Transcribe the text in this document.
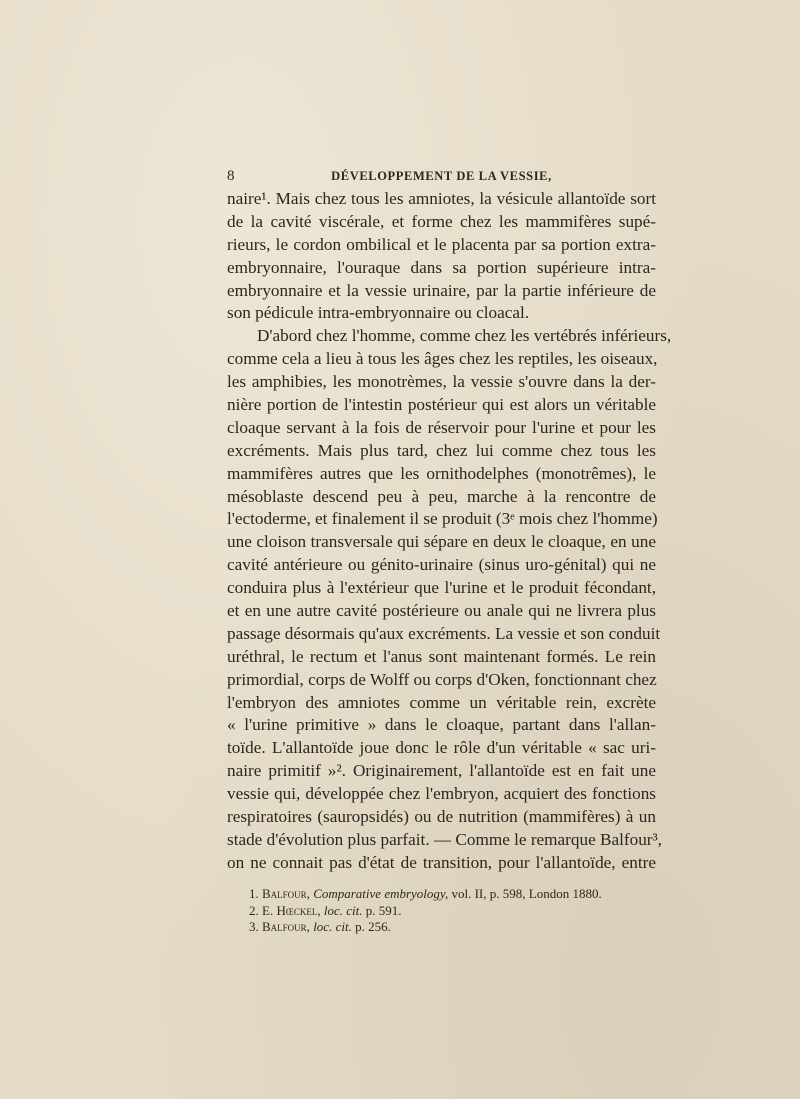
8	DÉVELOPPEMENT DE LA VESSIE,
naire¹. Mais chez tous les amniotes, la vésicule allantoïde sort
de la cavité viscérale, et forme chez les mammifères supé-
rieurs, le cordon ombilical et le placenta par sa portion extra-
embryonnaire, l'ouraque dans sa portion supérieure intra-
embryonnaire et la vessie urinaire, par la partie inférieure de
son pédicule intra-embryonnaire ou cloacal.
D'abord chez l'homme, comme chez les vertébrés inférieurs,
comme cela a lieu à tous les âges chez les reptiles, les oiseaux,
les amphibies, les monotrèmes, la vessie s'ouvre dans la der-
nière portion de l'intestin postérieur qui est alors un véritable
cloaque servant à la fois de réservoir pour l'urine et pour les
excréments. Mais plus tard, chez lui comme chez tous les
mammifères autres que les ornithodelphes (monotrêmes), le
mésoblaste descend peu à peu, marche à la rencontre de
l'ectoderme, et finalement il se produit (3ᵉ mois chez l'homme)
une cloison transversale qui sépare en deux le cloaque, en une
cavité antérieure ou génito-urinaire (sinus uro-génital) qui ne
conduira plus à l'extérieur que l'urine et le produit fécondant,
et en une autre cavité postérieure ou anale qui ne livrera plus
passage désormais qu'aux excréments. La vessie et son conduit
uréthral, le rectum et l'anus sont maintenant formés. Le rein
primordial, corps de Wolff ou corps d'Oken, fonctionnant chez
l'embryon des amniotes comme un véritable rein, excrète
« l'urine primitive » dans le cloaque, partant dans l'allan-
toïde. L'allantoïde joue donc le rôle d'un véritable « sac uri-
naire primitif »². Originairement, l'allantoïde est en fait une
vessie qui, développée chez l'embryon, acquiert des fonctions
respiratoires (sauropsidés) ou de nutrition (mammifères) à un
stade d'évolution plus parfait. — Comme le remarque Balfour³,
on ne connait pas d'état de transition, pour l'allantoïde, entre
1. Balfour, Comparative embryology, vol. II, p. 598, London 1880.
2. E. Hœckel, loc. cit. p. 591.
3. Balfour, loc. cit. p. 256.
